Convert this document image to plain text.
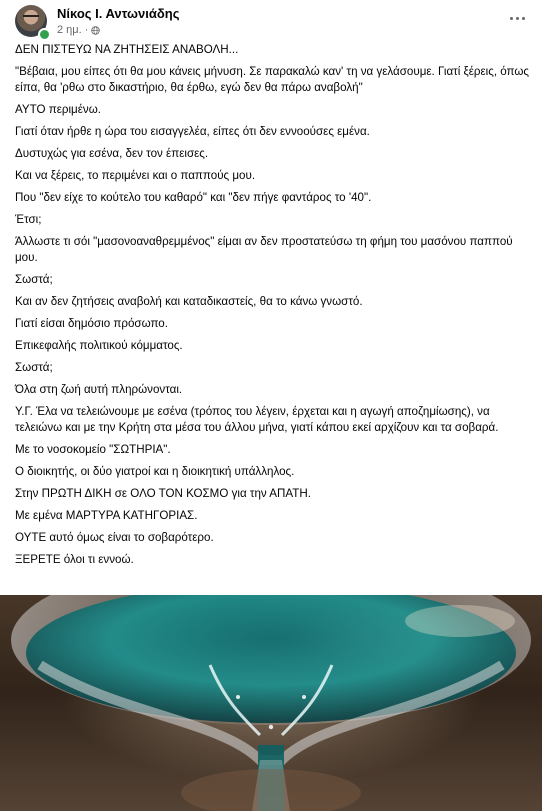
Νίκος Ι. Αντωνιάδης
2 ημ. ·

ΔΕΝ ΠΙΣΤΕΥΩ ΝΑ ΖΗΤΗΣΕΙΣ ΑΝΑΒΟΛΗ...

"Βέβαια, μου είπες ότι θα μου κάνεις μήνυση. Σε παρακαλώ καν' τη να γελάσουμε. Γιατί ξέρεις, όπως είπα, θα 'ρθω στο δικαστήριο, θα έρθω, εγώ δεν θα πάρω αναβολή"

ΑΥΤΟ περιμένω.

Γιατί όταν ήρθε η ώρα του εισαγγελέα, είπες ότι δεν εννοούσες εμένα.

Δυστυχώς για εσένα, δεν τον έπεισες.

Και να ξέρεις, το περιμένει και ο παππούς μου.

Που "δεν είχε το κούτελο του καθαρό" και "δεν πήγε φαντάρος το '40".

Έτσι;

Άλλωστε τι σόι "μασονοαναθρεμμένος" είμαι αν δεν προστατεύσω τη φήμη του μασόνου παππού μου.

Σωστά;

Και αν δεν ζητήσεις αναβολή και καταδικαστείς, θα το κάνω γνωστό.

Γιατί είσαι δημόσιο πρόσωπο.

Επικεφαλής πολιτικού κόμματος.

Σωστά;

Όλα στη ζωή αυτή πληρώνονται.

Υ.Γ. Έλα να τελειώνουμε με εσένα (τρόπος του λέγειν, έρχεται και η αγωγή αποζημίωσης), να τελειώνω και με την Κρήτη στα μέσα του άλλου μήνα, γιατί κάπου εκεί αρχίζουν και τα σοβαρά.

Με το νοσοκομείο "ΣΩΤΗΡΙΑ".

Ο διοικητής, οι δύο γιατροί και η διοικητική υπάλληλος.

Στην ΠΡΩΤΗ ΔΙΚΗ σε ΟΛΟ ΤΟΝ ΚΟΣΜΟ για την ΑΠΑΤΗ.

Με εμένα ΜΑΡΤΥΡΑ ΚΑΤΗΓΟΡΙΑΣ.

ΟΥΤΕ αυτό όμως είναι το σοβαρότερο.

ΞΕΡΕΤΕ όλοι τι εννοώ.
